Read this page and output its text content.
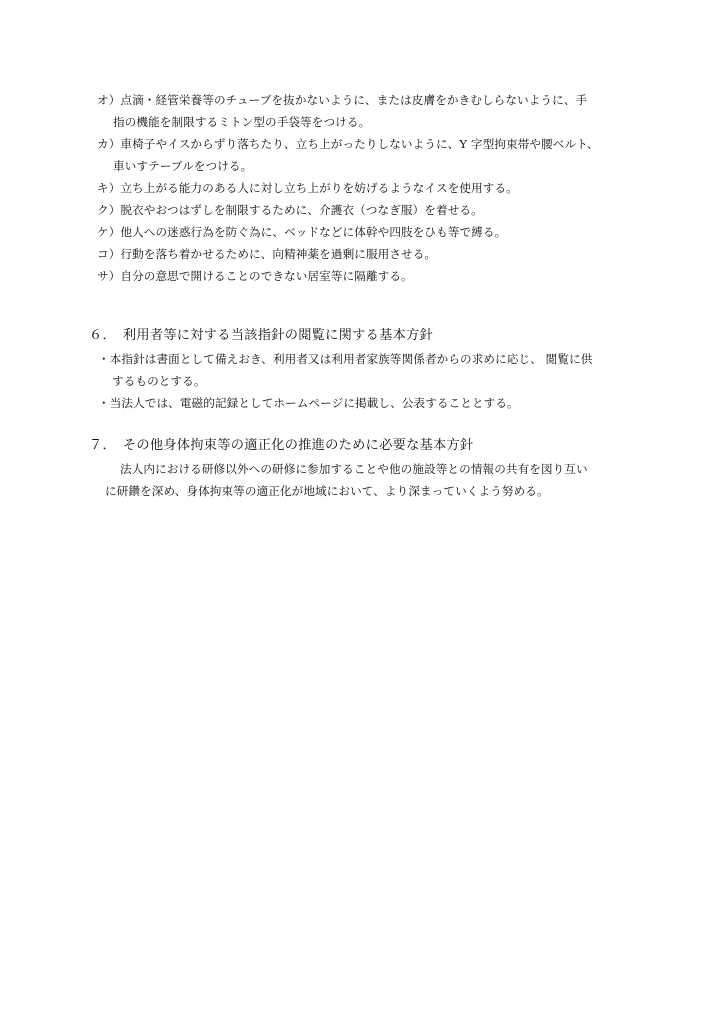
オ）点滴・経管栄養等のチューブを抜かないように、または皮膚をかきむしらないように、手
指の機能を制限するミトン型の手袋等をつける。
カ）車椅子やイスからずり落ちたり、立ち上がったりしないように、Y 字型拘束帯や腰ベルト、
車いすテーブルをつける。
キ）立ち上がる能力のある人に対し立ち上がりを妨げるようなイスを使用する。
ク）脱衣やおつはずしを制限するために、介護衣（つなぎ服）を着せる。
ケ）他人への迷惑行為を防ぐ為に、ベッドなどに体幹や四肢をひも等で縛る。
コ）行動を落ち着かせるために、向精神薬を過剰に服用させる。
サ）自分の意思で開けることのできない居室等に隔離する。
６．　利用者等に対する当該指針の閲覧に関する基本方針
・本指針は書面として備えおき、利用者又は利用者家族等関係者からの求めに応じ、 閲覧に供
するものとする。
・当法人では、電磁的記録としてホームページに掲載し、公表することとする。
７．　その他身体拘束等の適正化の推進のために必要な基本方針
法人内における研修以外への研修に参加することや他の施設等との情報の共有を図り互い
に研鑽を深め、身体拘束等の適正化が地域において、より深まっていくよう努める。
